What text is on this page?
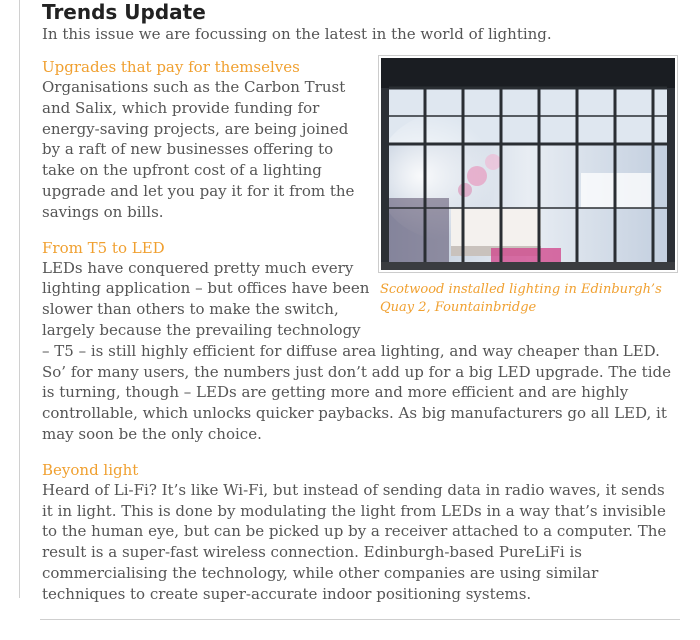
Trends Update

In this issue we are focussing on the latest in the world of lighting.

Scotwood installed lighting in Edinburgh’s Quay 2, Fountainbridge
Upgrades that pay for themselves

Organisations such as the Carbon Trust and Salix, which provide funding for energy-saving projects, are being joined by a raft of new businesses offering to take on the upfront cost of a lighting upgrade and let you pay it for it from the savings on bills.

From T5 to LED

LEDs have conquered pretty much every lighting application – but offices have been slower than others to make the switch, largely because the prevailing technology – T5 – is still highly efficient for diffuse area lighting, and way cheaper than LED. So’ for many users, the numbers just don’t add up for a big LED upgrade. The tide is turning, though – LEDs are getting more and more efficient and are highly controllable, which unlocks quicker paybacks. As big manufacturers go all LED, it may soon be the only choice.

Beyond light

Heard of Li-Fi? It’s like Wi-Fi, but instead of sending data in radio waves, it sends it in light. This is done by modulating the light from LEDs in a way that’s invisible to the human eye, but can be picked up by a receiver attached to a computer. The result is a super-fast wireless connection. Edinburgh-based PureLiFi is commercialising the technology, while other companies are using similar techniques to create super-accurate indoor positioning systems.
